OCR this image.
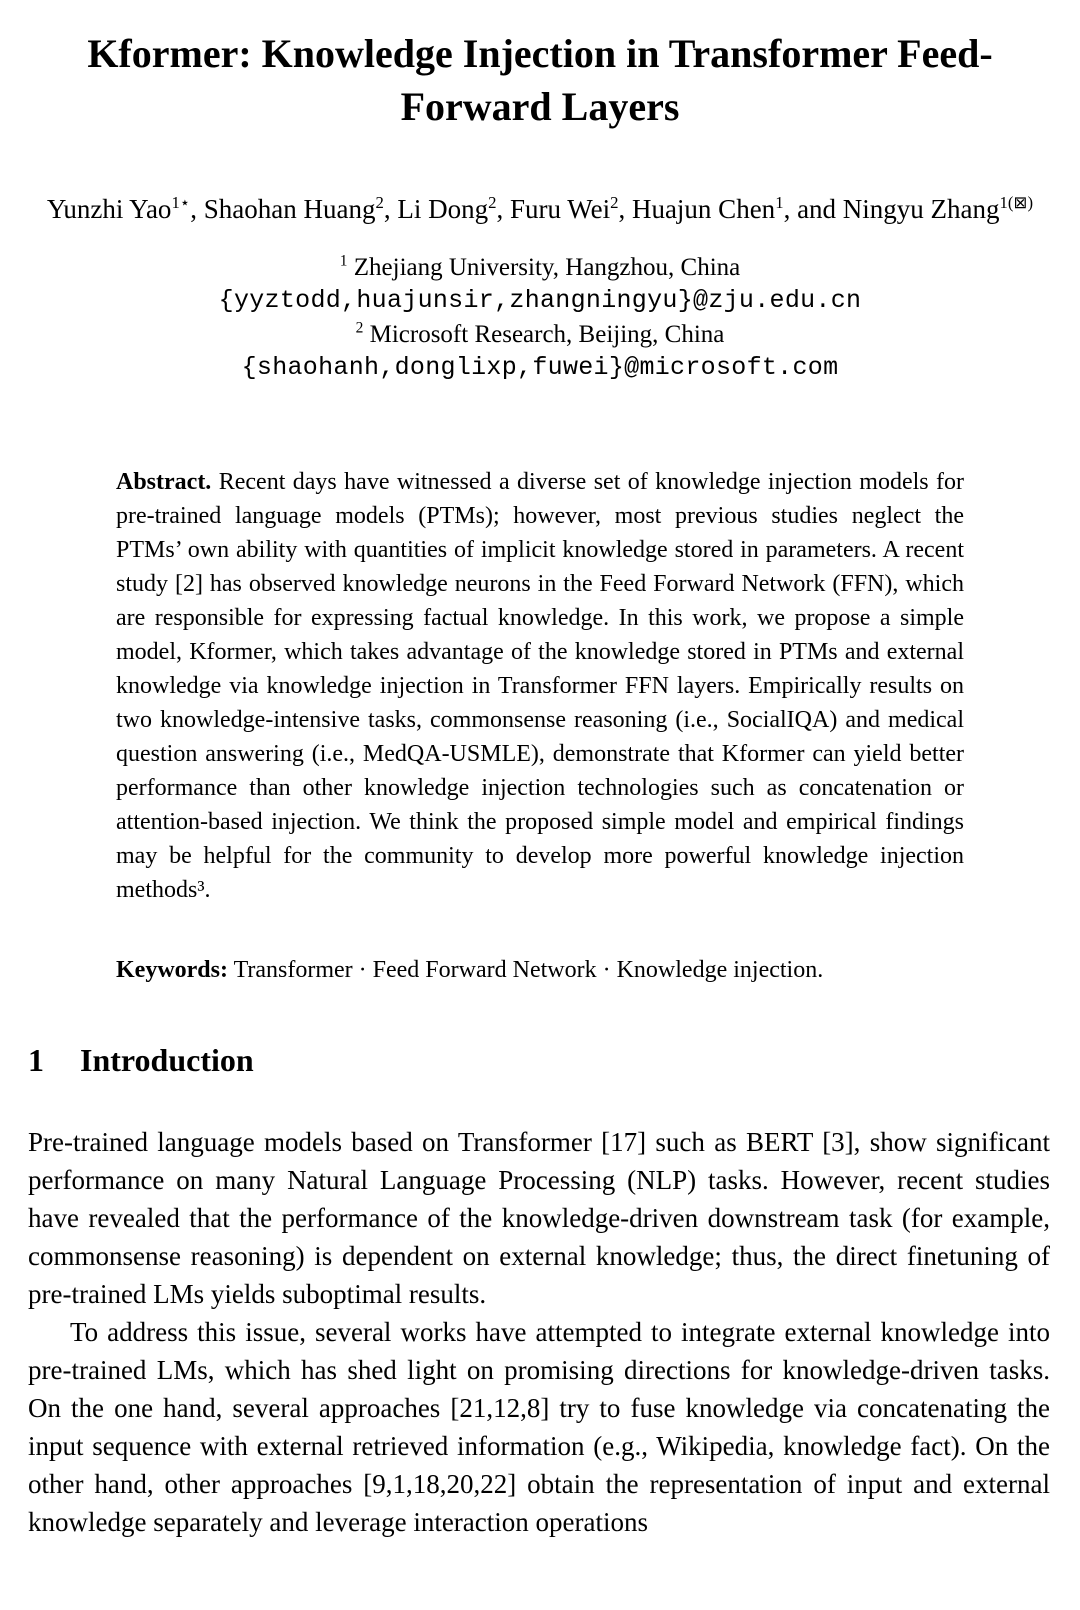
Kformer: Knowledge Injection in Transformer Feed-Forward Layers
Yunzhi Yao$^{1⋆}$, Shaohan Huang$^2$, Li Dong$^2$, Furu Wei$^2$, Huajun Chen$^1$, and Ningyu Zhang$^{1(⊠)}$
$^1$ Zhejiang University, Hangzhou, China
{yyztodd,huajunsir,zhangningyu}@zju.edu.cn
$^2$ Microsoft Research, Beijing, China
{shaohanh,donglixp,fuwei}@microsoft.com
Abstract. Recent days have witnessed a diverse set of knowledge injection models for pre-trained language models (PTMs); however, most previous studies neglect the PTMs’ own ability with quantities of implicit knowledge stored in parameters. A recent study [2] has observed knowledge neurons in the Feed Forward Network (FFN), which are responsible for expressing factual knowledge. In this work, we propose a simple model, Kformer, which takes advantage of the knowledge stored in PTMs and external knowledge via knowledge injection in Transformer FFN layers. Empirically results on two knowledge-intensive tasks, commonsense reasoning (i.e., SocialIQA) and medical question answering (i.e., MedQA-USMLE), demonstrate that Kformer can yield better performance than other knowledge injection technologies such as concatenation or attention-based injection. We think the proposed simple model and empirical findings may be helpful for the community to develop more powerful knowledge injection methods³.
Keywords: Transformer · Feed Forward Network · Knowledge injection.
1 Introduction

Pre-trained language models based on Transformer [17] such as BERT [3], show significant performance on many Natural Language Processing (NLP) tasks. However, recent studies have revealed that the performance of the knowledge-driven downstream task (for example, commonsense reasoning) is dependent on external knowledge; thus, the direct finetuning of pre-trained LMs yields suboptimal results.

To address this issue, several works have attempted to integrate external knowledge into pre-trained LMs, which has shed light on promising directions for knowledge-driven tasks. On the one hand, several approaches [21,12,8] try to fuse knowledge via concatenating the input sequence with external retrieved information (e.g., Wikipedia, knowledge fact). On the other hand, other approaches [9,1,18,20,22] obtain the representation of input and external knowledge separately and leverage interaction operations
